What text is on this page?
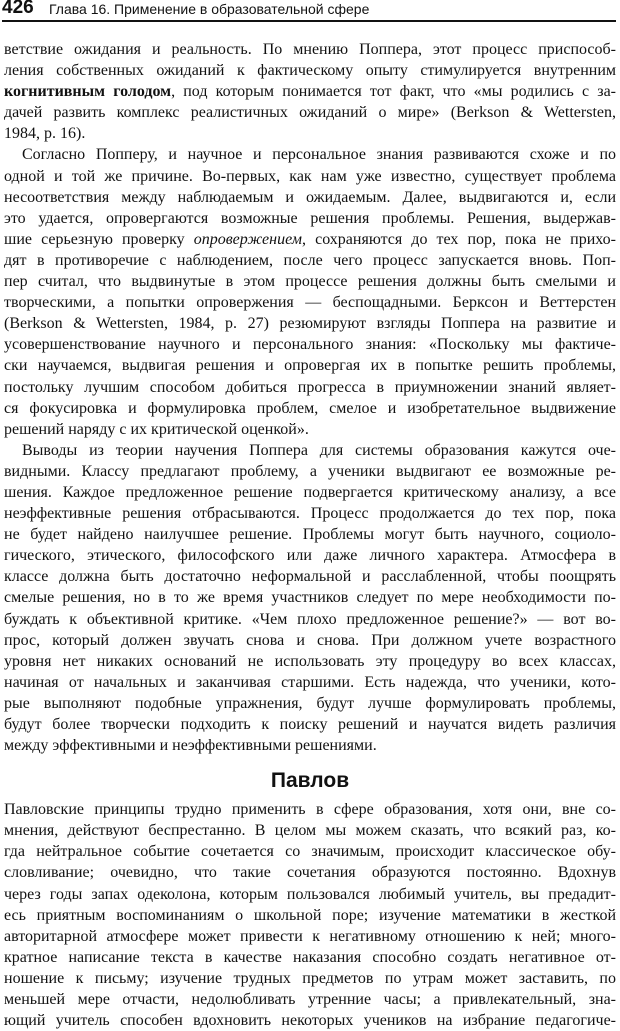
426 Глава 16. Применение в образовательной сфере
ветствие ожидания и реальность. По мнению Поппера, этот процесс приспособ-
ления собственных ожиданий к фактическому опыту стимулируется внутренним
когнитивным голодом, под которым понимается тот факт, что «мы родились с за-
дачей развить комплекс реалистичных ожиданий о мире» (Berkson & Wettersten,
1984, p. 16).
Согласно Попперу, и научное и персональное знания развиваются схоже и по
одной и той же причине. Во-первых, как нам уже известно, существует проблема
несоответствия между наблюдаемым и ожидаемым. Далее, выдвигаются и, если
это удается, опровергаются возможные решения проблемы. Решения, выдержав-
шие серьезную проверку опровержением, сохраняются до тех пор, пока не прихо-
дят в противоречие с наблюдением, после чего процесс запускается вновь. Поп-
пер считал, что выдвинутые в этом процессе решения должны быть смелыми и
творческими, а попытки опровержения — беспощадными. Берксон и Веттерстен
(Berkson & Wettersten, 1984, p. 27) резюмируют взгляды Поппера на развитие и
усовершенствование научного и персонального знания: «Поскольку мы фактиче-
ски научаемся, выдвигая решения и опровергая их в попытке решить проблемы,
постольку лучшим способом добиться прогресса в приумножении знаний являет-
ся фокусировка и формулировка проблем, смелое и изобретательное выдвижение
решений наряду с их критической оценкой».
Выводы из теории научения Поппера для системы образования кажутся оче-
видными. Классу предлагают проблему, а ученики выдвигают ее возможные ре-
шения. Каждое предложенное решение подвергается критическому анализу, а все
неэффективные решения отбрасываются. Процесс продолжается до тех пор, пока
не будет найдено наилучшее решение. Проблемы могут быть научного, социоло-
гического, этического, философского или даже личного характера. Атмосфера в
классе должна быть достаточно неформальной и расслабленной, чтобы поощрять
смелые решения, но в то же время участников следует по мере необходимости по-
буждать к объективной критике. «Чем плохо предложенное решение?» — вот во-
прос, который должен звучать снова и снова. При должном учете возрастного
уровня нет никаких оснований не использовать эту процедуру во всех классах,
начиная от начальных и заканчивая старшими. Есть надежда, что ученики, кото-
рые выполняют подобные упражнения, будут лучше формулировать проблемы,
будут более творчески подходить к поиску решений и научатся видеть различия
между эффективными и неэффективными решениями.
Павлов
Павловские принципы трудно применить в сфере образования, хотя они, вне со-
мнения, действуют беспрестанно. В целом мы можем сказать, что всякий раз, ко-
гда нейтральное событие сочетается со значимым, происходит классическое обу-
словливание; очевидно, что такие сочетания образуются постоянно. Вдохнув
через годы запах одеколона, которым пользовался любимый учитель, вы предадит-
есь приятным воспоминаниям о школьной поре; изучение математики в жесткой
авторитарной атмосфере может привести к негативному отношению к ней; много-
кратное написание текста в качестве наказания способно создать негативное от-
ношение к письму; изучение трудных предметов по утрам может заставить, по
меньшей мере отчасти, недолюбливать утренние часы; а привлекательный, зна-
ющий учитель способен вдохновить некоторых учеников на избрание педагогиче-
